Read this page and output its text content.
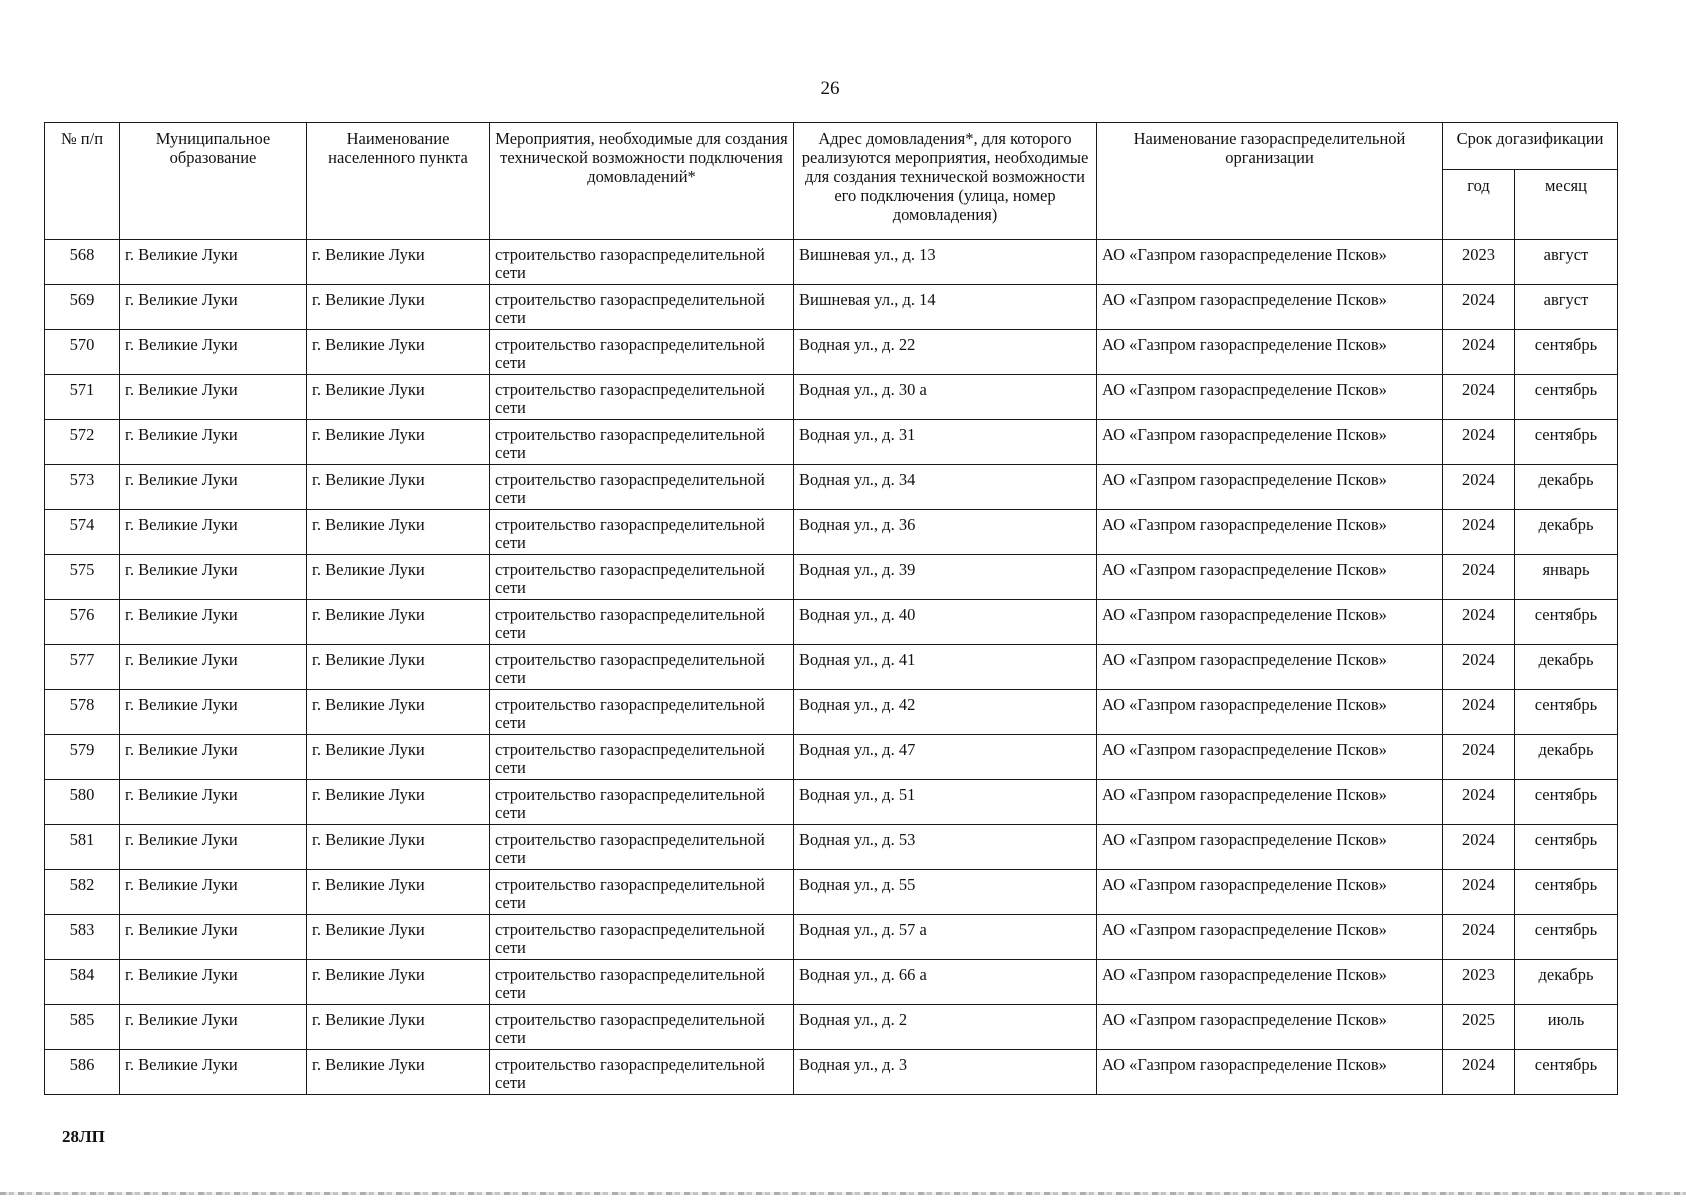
26
№ п/п	Муниципальное образование	Наименование населенного пункта	Мероприятия, необходимые для создания технической возможности подключения домовладений*	Адрес домовладения*, для которого реализуются мероприятия, необходимые для создания технической возможности его подключения (улица, номер домовладения)	Наименование газораспределительной организации	Срок догазификации	
						год	месяц
568	г. Великие Луки	г. Великие Луки	строительство газораспределительной сети	Вишневая ул., д. 13	АО «Газпром газораспределение Псков»	2023	август
569	г. Великие Луки	г. Великие Луки	строительство газораспределительной сети	Вишневая ул., д. 14	АО «Газпром газораспределение Псков»	2024	август
570	г. Великие Луки	г. Великие Луки	строительство газораспределительной сети	Водная ул., д. 22	АО «Газпром газораспределение Псков»	2024	сентябрь
571	г. Великие Луки	г. Великие Луки	строительство газораспределительной сети	Водная ул., д. 30 а	АО «Газпром газораспределение Псков»	2024	сентябрь
572	г. Великие Луки	г. Великие Луки	строительство газораспределительной сети	Водная ул., д. 31	АО «Газпром газораспределение Псков»	2024	сентябрь
573	г. Великие Луки	г. Великие Луки	строительство газораспределительной сети	Водная ул., д. 34	АО «Газпром газораспределение Псков»	2024	декабрь
574	г. Великие Луки	г. Великие Луки	строительство газораспределительной сети	Водная ул., д. 36	АО «Газпром газораспределение Псков»	2024	декабрь
575	г. Великие Луки	г. Великие Луки	строительство газораспределительной сети	Водная ул., д. 39	АО «Газпром газораспределение Псков»	2024	январь
576	г. Великие Луки	г. Великие Луки	строительство газораспределительной сети	Водная ул., д. 40	АО «Газпром газораспределение Псков»	2024	сентябрь
577	г. Великие Луки	г. Великие Луки	строительство газораспределительной сети	Водная ул., д. 41	АО «Газпром газораспределение Псков»	2024	декабрь
578	г. Великие Луки	г. Великие Луки	строительство газораспределительной сети	Водная ул., д. 42	АО «Газпром газораспределение Псков»	2024	сентябрь
579	г. Великие Луки	г. Великие Луки	строительство газораспределительной сети	Водная ул., д. 47	АО «Газпром газораспределение Псков»	2024	декабрь
580	г. Великие Луки	г. Великие Луки	строительство газораспределительной сети	Водная ул., д. 51	АО «Газпром газораспределение Псков»	2024	сентябрь
581	г. Великие Луки	г. Великие Луки	строительство газораспределительной сети	Водная ул., д. 53	АО «Газпром газораспределение Псков»	2024	сентябрь
582	г. Великие Луки	г. Великие Луки	строительство газораспределительной сети	Водная ул., д. 55	АО «Газпром газораспределение Псков»	2024	сентябрь
583	г. Великие Луки	г. Великие Луки	строительство газораспределительной сети	Водная ул., д. 57 а	АО «Газпром газораспределение Псков»	2024	сентябрь
584	г. Великие Луки	г. Великие Луки	строительство газораспределительной сети	Водная ул., д. 66 а	АО «Газпром газораспределение Псков»	2023	декабрь
585	г. Великие Луки	г. Великие Луки	строительство газораспределительной сети	Водная ул., д. 2	АО «Газпром газораспределение Псков»	2025	июль
586	г. Великие Луки	г. Великие Луки	строительство газораспределительной сети	Водная ул., д. 3	АО «Газпром газораспределение Псков»	2024	сентябрь
28ЛП
